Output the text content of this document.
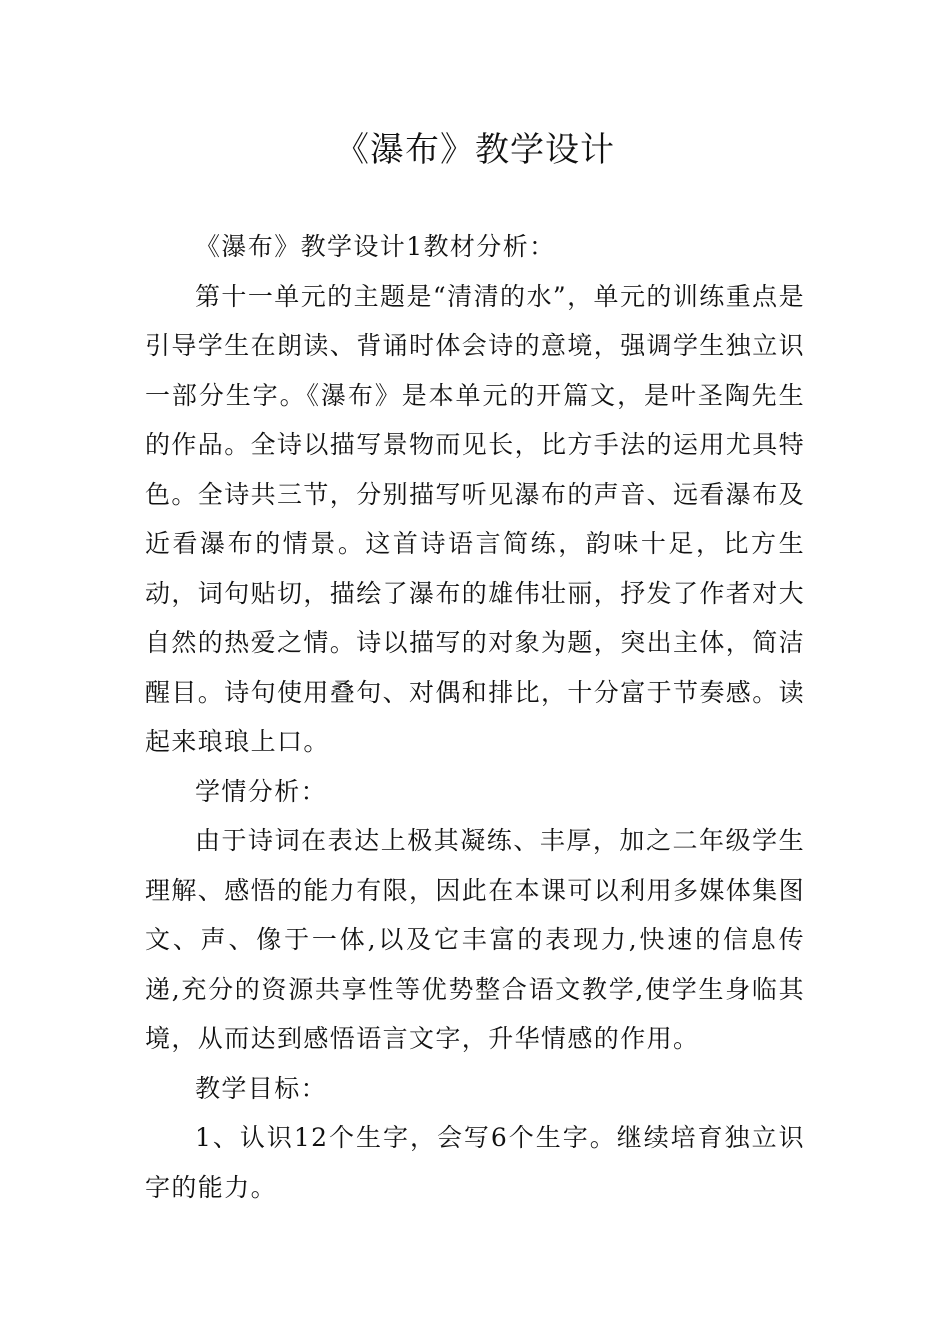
《瀑布》教学设计

《瀑布》教学设计1教材分析：

第十一单元的主题是“清清的水”，单元的训练重点是引导学生在朗读、背诵时体会诗的意境，强调学生独立识一部分生字。《瀑布》是本单元的开篇文，是叶圣陶先生的作品。全诗以描写景物而见长，比方手法的运用尤具特色。全诗共三节，分别描写听见瀑布的声音、远看瀑布及近看瀑布的情景。这首诗语言简练，韵味十足，比方生动，词句贴切，描绘了瀑布的雄伟壮丽，抒发了作者对大自然的热爱之情。诗以描写的对象为题，突出主体，简洁醒目。诗句使用叠句、对偶和排比，十分富于节奏感。读起来琅琅上口。

学情分析：

由于诗词在表达上极其凝练、丰厚，加之二年级学生理解、感悟的能力有限，因此在本课可以利用多媒体集图文、声、像于一体,以及它丰富的表现力,快速的信息传递,充分的资源共享性等优势整合语文教学,使学生身临其境，从而达到感悟语言文字，升华情感的作用。

教学目标：

1、认识12个生字，会写6个生字。继续培育独立识字的能力。
